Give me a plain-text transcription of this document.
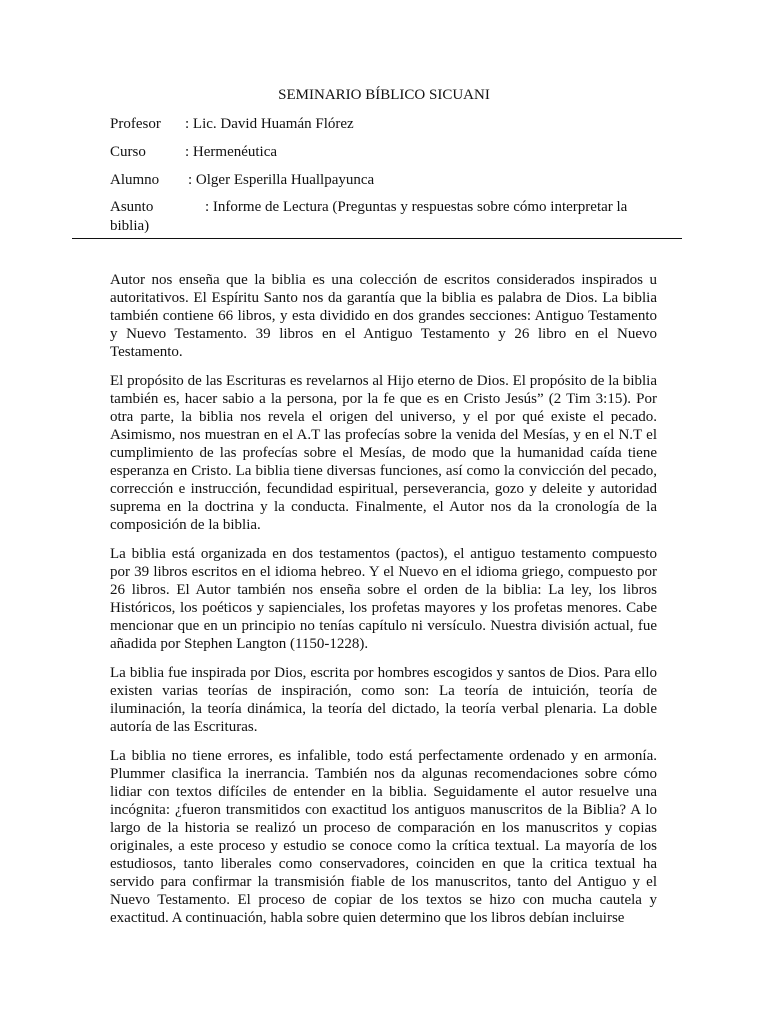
SEMINARIO BÍBLICO SICUANI
Profesor : Lic. David Huamán Flórez
Curso	: Hermenéutica
Alumno : Olger Esperilla Huallpayunca
Asunto	: Informe de Lectura (Preguntas y respuestas sobre cómo interpretar la
biblia)

Autor nos enseña que la biblia es una colección de escritos considerados inspirados u autoritativos. El Espíritu Santo nos da garantía que la biblia es palabra de Dios. La biblia también contiene 66 libros, y esta dividido en dos grandes secciones: Antiguo Testamento y Nuevo Testamento. 39 libros en el Antiguo Testamento y 26 libro en el Nuevo Testamento.

El propósito de las Escrituras es revelarnos al Hijo eterno de Dios. El propósito de la biblia también es, hacer sabio a la persona, por la fe que es en Cristo Jesús” (2 Tim 3:15). Por otra parte, la biblia nos revela el origen del universo, y el por qué existe el pecado. Asimismo, nos muestran en el A.T las profecías sobre la venida del Mesías, y en el N.T el cumplimiento de las profecías sobre el Mesías, de modo que la humanidad caída tiene esperanza en Cristo. La biblia tiene diversas funciones, así como la convicción del pecado, corrección e instrucción, fecundidad espiritual, perseverancia, gozo y deleite y autoridad suprema en la doctrina y la conducta. Finalmente, el Autor nos da la cronología de la composición de la biblia.

La biblia está organizada en dos testamentos (pactos), el antiguo testamento compuesto por 39 libros escritos en el idioma hebreo. Y el Nuevo en el idioma griego, compuesto por 26 libros. El Autor también nos enseña sobre el orden de la biblia: La ley, los libros Históricos, los poéticos y sapienciales, los profetas mayores y los profetas menores. Cabe mencionar que en un principio no tenías capítulo ni versículo. Nuestra división actual, fue añadida por Stephen Langton (1150-1228).

La biblia fue inspirada por Dios, escrita por hombres escogidos y santos de Dios. Para ello existen varias teorías de inspiración, como son: La teoría de intuición, teoría de iluminación, la teoría dinámica, la teoría del dictado, la teoría verbal plenaria. La doble autoría de las Escrituras.

La biblia no tiene errores, es infalible, todo está perfectamente ordenado y en armonía. Plummer clasifica la inerrancia. También nos da algunas recomendaciones sobre cómo lidiar con textos difíciles de entender en la biblia. Seguidamente el autor resuelve una incógnita: ¿fueron transmitidos con exactitud los antiguos manuscritos de la Biblia? A lo largo de la historia se realizó un proceso de comparación en los manuscritos y copias originales, a este proceso y estudio se conoce como la crítica textual. La mayoría de los estudiosos, tanto liberales como conservadores, coinciden en que la critica textual ha servido para confirmar la transmisión fiable de los manuscritos, tanto del Antiguo y el Nuevo Testamento. El proceso de copiar de los textos se hizo con mucha cautela y exactitud. A continuación, habla sobre quien determino que los libros debían incluirse
